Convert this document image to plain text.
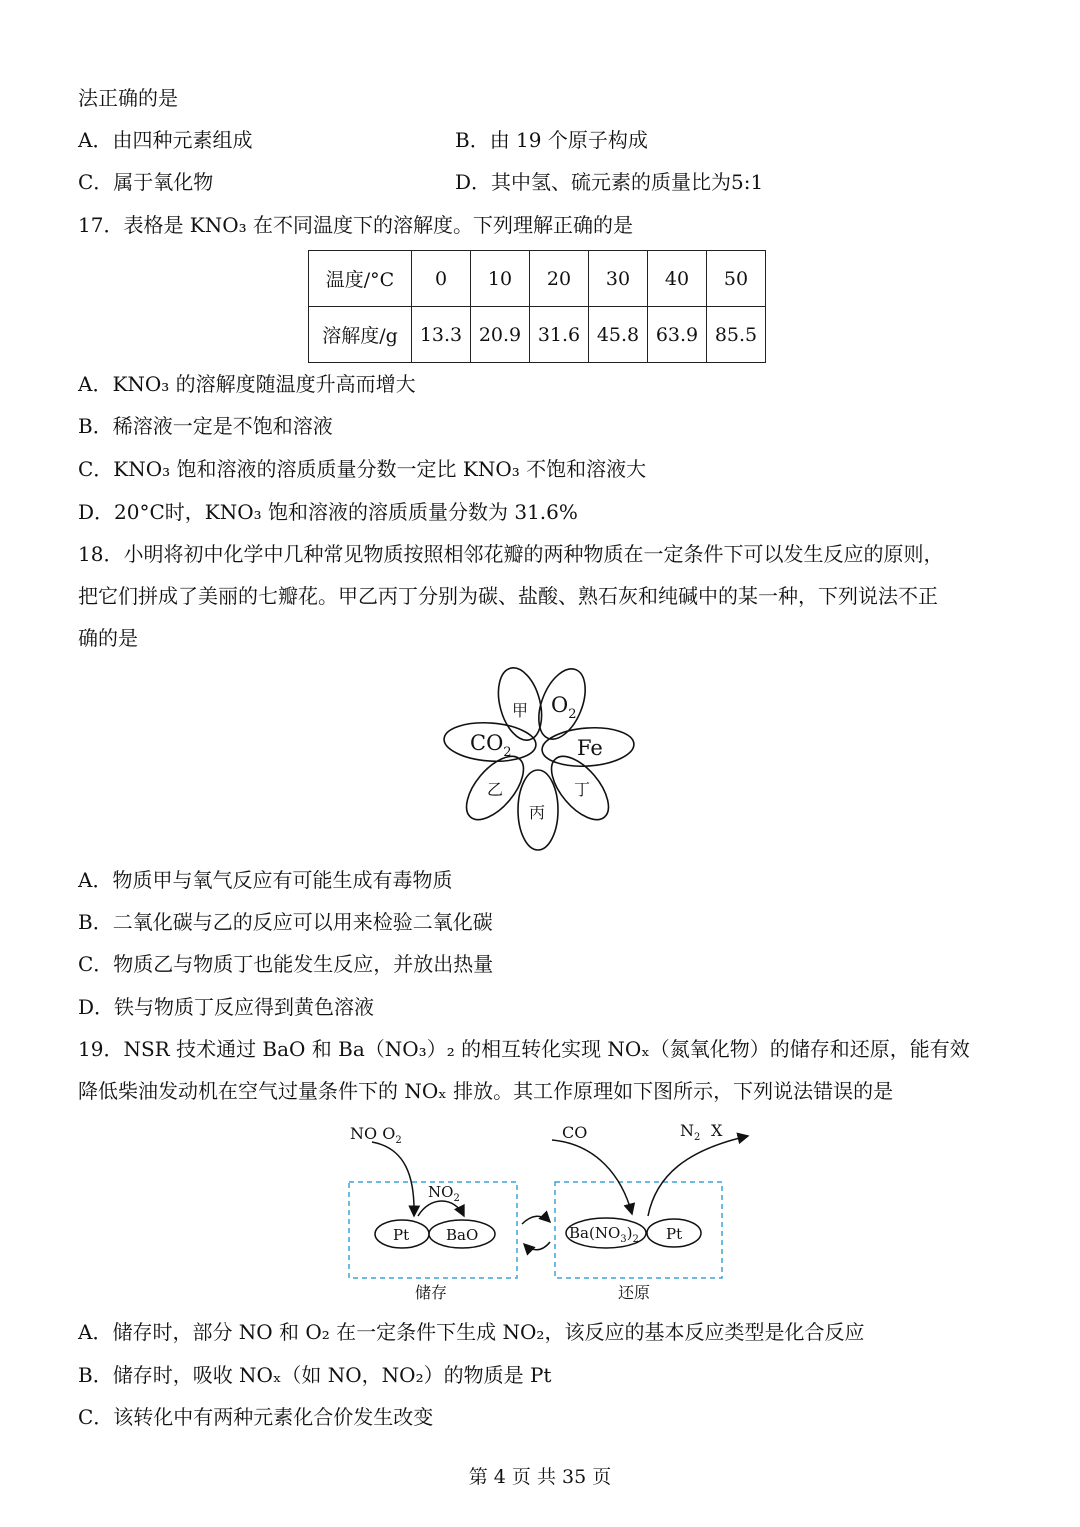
法正确的是
A．由四种元素组成	B．由 19 个原子构成
C．属于氧化物	D．其中氢、硫元素的质量比为5:1
17．表格是 KNO₃ 在不同温度下的溶解度。下列理解正确的是
温度/°C	0	10	20	30	40	50
溶解度/g	13.3	20.9	31.6	45.8	63.9	85.5
A．KNO₃ 的溶解度随温度升高而增大
B．稀溶液一定是不饱和溶液
C．KNO₃ 饱和溶液的溶质质量分数一定比 KNO₃ 不饱和溶液大
D．20°C时，KNO₃ 饱和溶液的溶质质量分数为 31.6%
18．小明将初中化学中几种常见物质按照相邻花瓣的两种物质在一定条件下可以发生反应的原则，
把它们拼成了美丽的七瓣花。甲乙丙丁分别为碳、盐酸、熟石灰和纯碱中的某一种，下列说法不正
确的是
甲 $O_2$
Fe
丁
丙
乙
$CO_2$
A．物质甲与氧气反应有可能生成有毒物质
B．二氧化碳与乙的反应可以用来检验二氧化碳
C．物质乙与物质丁也能发生反应，并放出热量
D．铁与物质丁反应得到黄色溶液
19．NSR 技术通过 BaO 和 Ba（NO₃）₂ 的相互转化实现 NOₓ（氮氧化物）的储存和还原，能有效
降低柴油发动机在空气过量条件下的 NOₓ 排放。其工作原理如下图所示，下列说法错误的是
NO $O_2$
$NO_2$
Pt BaO	$Ba(NO_3)_2$ Pt
CO	$N_2$ X
储存	还原
A．储存时，部分 NO 和 O₂ 在一定条件下生成 NO₂，该反应的基本反应类型是化合反应
B．储存时，吸收 NOₓ（如 NO，NO₂）的物质是 Pt
C．该转化中有两种元素化合价发生改变
第 4 页 共 35 页
